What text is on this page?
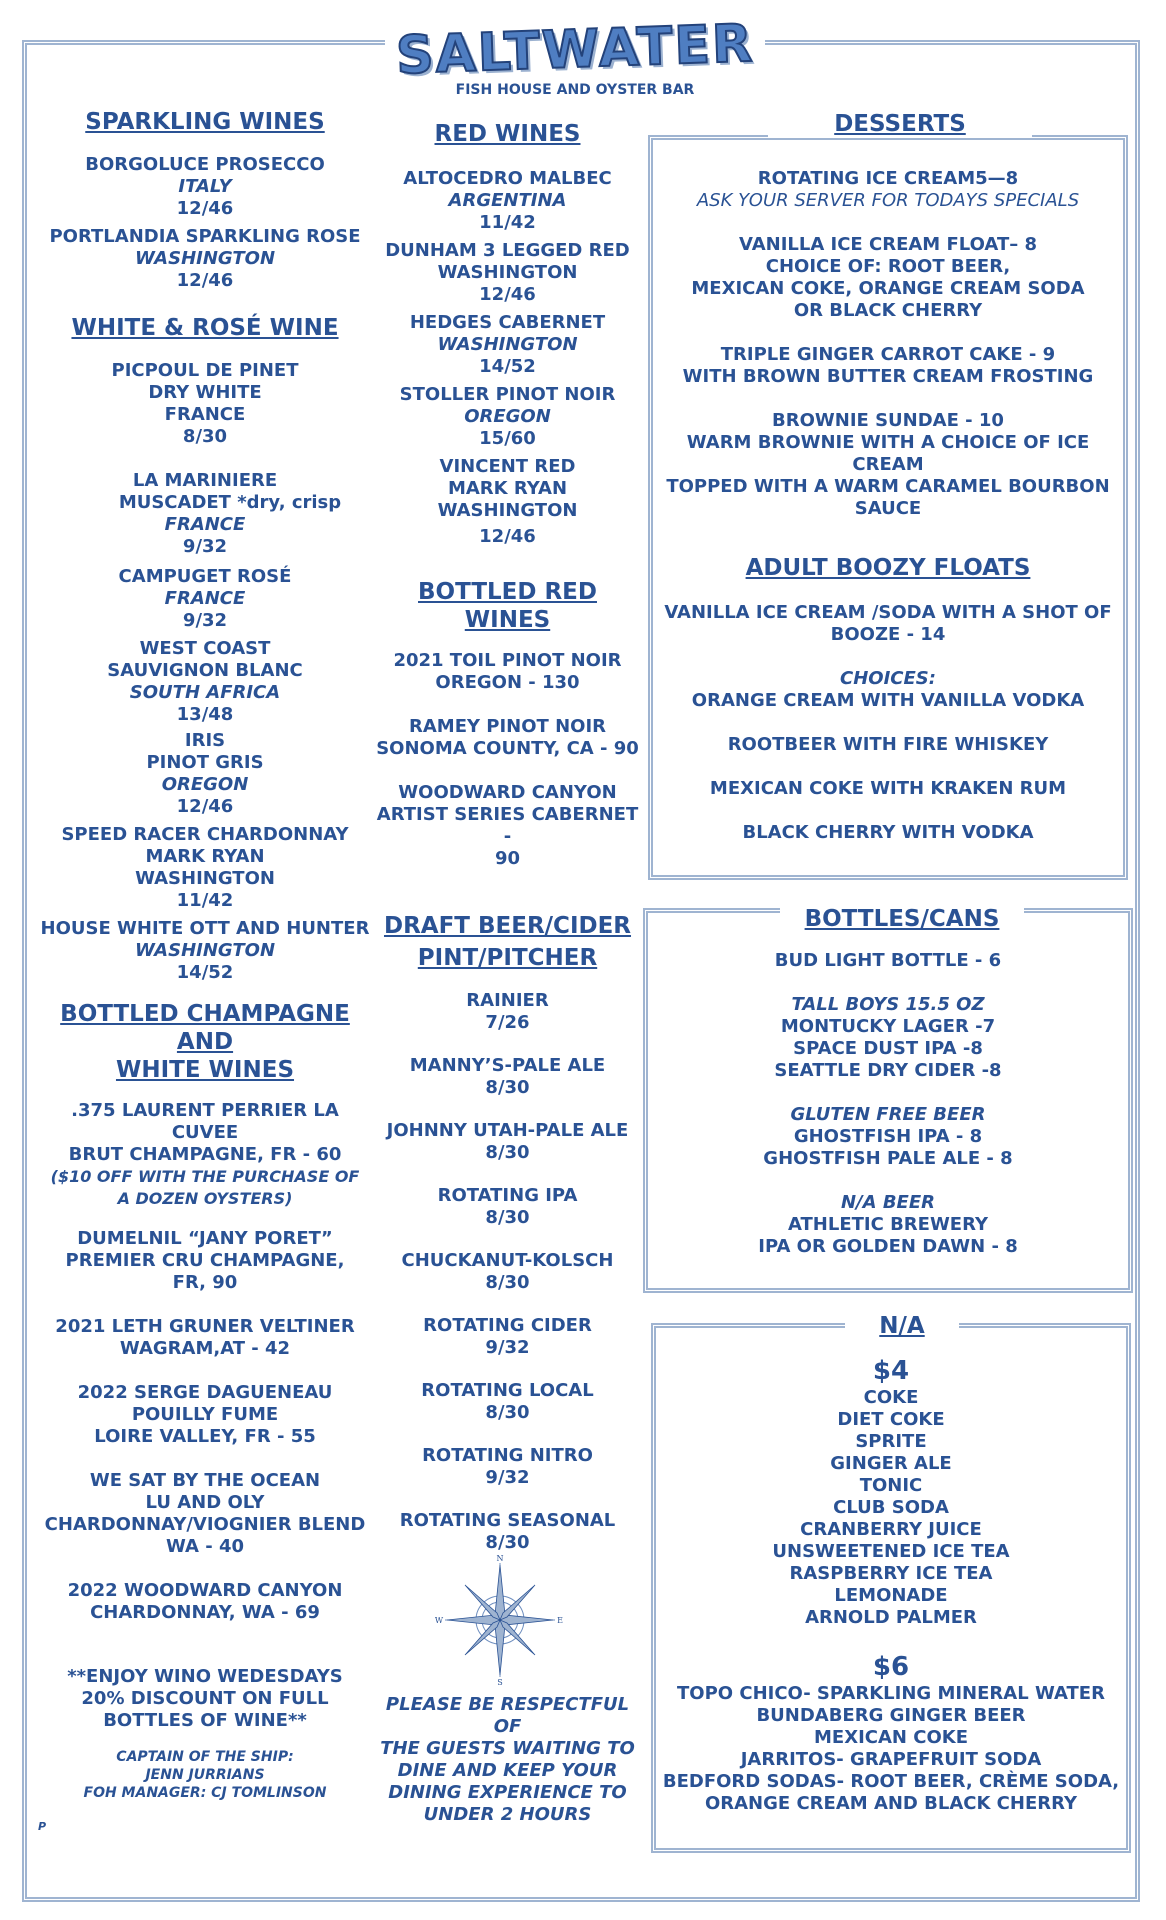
SALTWATER
FISH HOUSE AND OYSTER BAR

SPARKLING WINES

BORGOLUCE PROSECCO

ITALY

12/46

PORTLANDIA SPARKLING ROSE

WASHINGTON

12/46

WHITE & ROSÉ WINE

PICPOUL DE PINET

DRY WHITE

FRANCE

8/30

LA MARINIERE

MUSCADET *dry, crisp

FRANCE

9/32

CAMPUGET ROSÉ

FRANCE

9/32

WEST COAST

SAUVIGNON BLANC

SOUTH AFRICA

13/48

IRIS

PINOT GRIS

OREGON

12/46

SPEED RACER CHARDONNAY

MARK RYAN

WASHINGTON

11/42

HOUSE WHITE OTT AND HUNTER

WASHINGTON

14/52

BOTTLED CHAMPAGNE

AND

WHITE WINES

.375 LAURENT PERRIER LA CUVEE

BRUT CHAMPAGNE, FR - 60

($10 OFF WITH THE PURCHASE OF

A DOZEN OYSTERS)

DUMELNIL “JANY PORET”

PREMIER CRU CHAMPAGNE,

FR, 90

2021 LETH GRUNER VELTINER

WAGRAM,AT - 42

2022 SERGE DAGUENEAU

POUILLY FUME

LOIRE VALLEY, FR - 55

WE SAT BY THE OCEAN

LU AND OLY

CHARDONNAY/VIOGNIER BLEND

WA - 40

2022 WOODWARD CANYON

CHARDONNAY, WA - 69

**ENJOY WINO WEDESDAYS

20% DISCOUNT ON FULL

BOTTLES OF WINE**

CAPTAIN OF THE SHIP:

JENN JURRIANS

FOH MANAGER: CJ TOMLINSON

P

RED WINES

ALTOCEDRO MALBEC

ARGENTINA

11/42

DUNHAM 3 LEGGED RED

WASHINGTON

12/46

HEDGES CABERNET

WASHINGTON

14/52

STOLLER PINOT NOIR

OREGON

15/60

VINCENT RED

MARK RYAN

WASHINGTON

12/46

BOTTLED RED WINES

2021 TOIL PINOT NOIR

OREGON - 130

RAMEY PINOT NOIR

SONOMA COUNTY, CA - 90

WOODWARD CANYON

ARTIST SERIES CABERNET -

90

DRAFT BEER/CIDER

PINT/PITCHER

RAINIER

7/26

MANNY’S-PALE ALE

8/30

JOHNNY UTAH-PALE ALE

8/30

ROTATING IPA

8/30

CHUCKANUT-KOLSCH

8/30

ROTATING CIDER

9/32

ROTATING LOCAL

8/30

ROTATING NITRO

9/32

ROTATING SEASONAL

8/30

N
S
W	E

PLEASE BE RESPECTFUL OF

THE GUESTS WAITING TO

DINE AND KEEP YOUR

DINING EXPERIENCE TO

UNDER 2 HOURS

DESSERTS

ROTATING ICE CREAM5—8

ASK YOUR SERVER FOR TODAYS SPECIALS

VANILLA ICE CREAM FLOAT– 8

CHOICE OF: ROOT BEER,

MEXICAN COKE, ORANGE CREAM SODA

OR BLACK CHERRY

TRIPLE GINGER CARROT CAKE - 9

WITH BROWN BUTTER CREAM FROSTING

BROWNIE SUNDAE - 10

WARM BROWNIE WITH A CHOICE OF ICE CREAM

TOPPED WITH A WARM CARAMEL BOURBON

SAUCE

ADULT BOOZY FLOATS

VANILLA ICE CREAM /SODA WITH A SHOT OF

BOOZE - 14

CHOICES:

ORANGE CREAM WITH VANILLA VODKA

ROOTBEER WITH FIRE WHISKEY

MEXICAN COKE WITH KRAKEN RUM

BLACK CHERRY WITH VODKA

BOTTLES/CANS

BUD LIGHT BOTTLE - 6

TALL BOYS 15.5 OZ

MONTUCKY LAGER -7

SPACE DUST IPA -8

SEATTLE DRY CIDER -8

GLUTEN FREE BEER

GHOSTFISH IPA - 8

GHOSTFISH PALE ALE - 8

N/A BEER

ATHLETIC BREWERY

IPA OR GOLDEN DAWN - 8

N/A

$4

COKE

DIET COKE

SPRITE

GINGER ALE

TONIC

CLUB SODA

CRANBERRY JUICE

UNSWEETENED ICE TEA

RASPBERRY ICE TEA

LEMONADE

ARNOLD PALMER

$6

TOPO CHICO- SPARKLING MINERAL WATER

BUNDABERG GINGER BEER

MEXICAN COKE

JARRITOS- GRAPEFRUIT SODA

BEDFORD SODAS- ROOT BEER, CRÈME SODA,

ORANGE CREAM AND BLACK CHERRY
